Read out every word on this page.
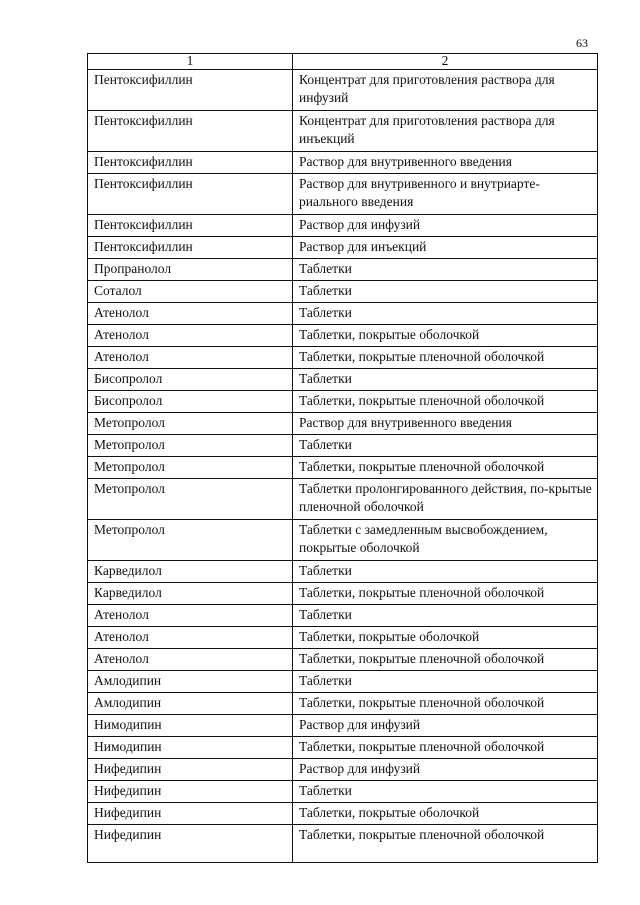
63
1	2
Пентоксифиллин	Концентрат для приготовления раствора для инфузий
Пентоксифиллин	Концентрат для приготовления раствора для инъекций
Пентоксифиллин	Раствор для внутривенного введения
Пентоксифиллин	Раствор для внутривенного и внутриарте-риального введения
Пентоксифиллин	Раствор для инфузий
Пентоксифиллин	Раствор для инъекций
Пропранолол	Таблетки
Соталол	Таблетки
Атенолол	Таблетки
Атенолол	Таблетки, покрытые оболочкой
Атенолол	Таблетки, покрытые пленочной оболочкой
Бисопролол	Таблетки
Бисопролол	Таблетки, покрытые пленочной оболочкой
Метопролол	Раствор для внутривенного введения
Метопролол	Таблетки
Метопролол	Таблетки, покрытые пленочной оболочкой
Метопролол	Таблетки пролонгированного действия, по-крытые пленочной оболочкой
Метопролол	Таблетки с замедленным высвобождением, покрытые оболочкой
Карведилол	Таблетки
Карведилол	Таблетки, покрытые пленочной оболочкой
Атенолол	Таблетки
Атенолол	Таблетки, покрытые оболочкой
Атенолол	Таблетки, покрытые пленочной оболочкой
Амлодипин	Таблетки
Амлодипин	Таблетки, покрытые пленочной оболочкой
Нимодипин	Раствор для инфузий
Нимодипин	Таблетки, покрытые пленочной оболочкой
Нифедипин	Раствор для инфузий
Нифедипин	Таблетки
Нифедипин	Таблетки, покрытые оболочкой
Нифедипин	Таблетки, покрытые пленочной оболочкой
